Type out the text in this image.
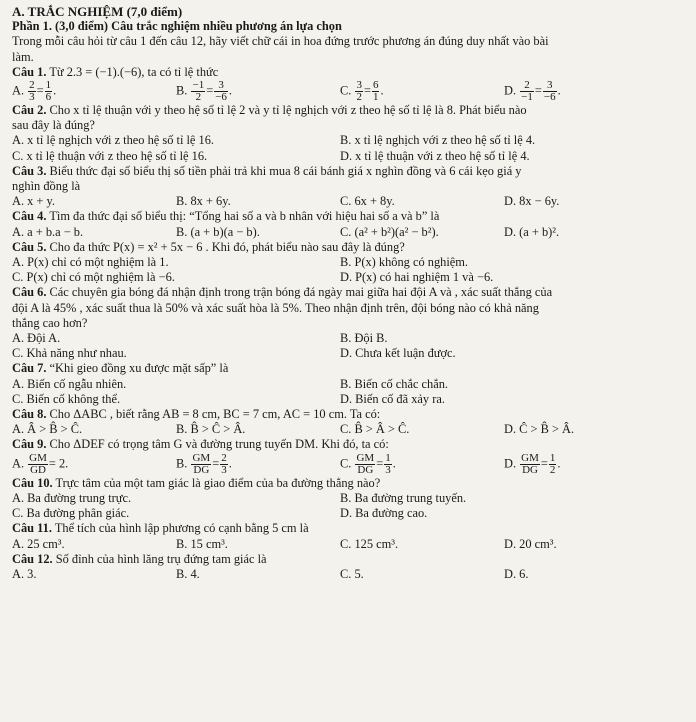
A. TRẮC NGHIỆM (7,0 điểm)
Phần 1. (3,0 điểm) Câu trắc nghiệm nhiều phương án lựa chọn
Trong mỗi câu hỏi từ câu 1 đến câu 12, hãy viết chữ cái in hoa đứng trước phương án đúng duy nhất vào bài
làm.
Câu 1. Từ 2.3 = (−1).(−6), ta có tỉ lệ thức
A. $\frac{2}{3} = \frac{1}{6}$ .	B. $\frac{-1}{2} = \frac{3}{-6}$ .	C. $\frac{3}{2} = \frac{6}{1}$ .	D. $\frac{2}{-1} = \frac{3}{-6}$ .
Câu 2. Cho x tỉ lệ thuận với y theo hệ số tỉ lệ 2 và y tỉ lệ nghịch với z theo hệ số tỉ lệ là 8. Phát biểu nào
sau đây là đúng?
A. x tỉ lệ nghịch với z theo hệ số tỉ lệ 16.	B. x tỉ lệ nghịch với z theo hệ số tỉ lệ 4.
C. x tỉ lệ thuận với z theo hệ số tỉ lệ 16.	D. x tỉ lệ thuận với z theo hệ số tỉ lệ 4.
Câu 3. Biểu thức đại số biểu thị số tiền phải trả khi mua 8 cái bánh giá x nghìn đồng và 6 cái kẹo giá y
nghìn đồng là
A. x + y.	B. 8x + 6y.	C. 6x + 8y.	D. 8x − 6y.
Câu 4. Tìm đa thức đại số biểu thị: “Tổng hai số a và b nhân với hiệu hai số a và b” là
A. a + b.a − b.	B. (a + b)(a − b).	C. (a² + b²)(a² − b²).	D. (a + b)².
Câu 5. Cho đa thức P(x) = x² + 5x − 6 . Khi đó, phát biểu nào sau đây là đúng?
A. P(x) chỉ có một nghiệm là 1.	B. P(x) không có nghiệm.
C. P(x) chỉ có một nghiệm là −6.	D. P(x) có hai nghiệm 1 và −6.
Câu 6. Các chuyên gia bóng đá nhận định trong trận bóng đá ngày mai giữa hai đội A và , xác suất thắng của
đội A là 45% , xác suất thua là 50% và xác suất hòa là 5%. Theo nhận định trên, đội bóng nào có khả năng
thắng cao hơn?
A. Đội A.	B. Đội B.
C. Khả năng như nhau.	D. Chưa kết luận được.
Câu 7. “Khi gieo đồng xu được mặt sấp” là
A. Biến cố ngẫu nhiên.	B. Biến cố chắc chắn.
C. Biến cố không thể.	D. Biến cố đã xảy ra.
Câu 8. Cho ΔABC , biết rằng AB = 8 cm, BC = 7 cm, AC = 10 cm. Ta có:
A. Â > B̂ > Ĉ.	B. B̂ > Ĉ > Â.	C. B̂ > Â > Ĉ.	D. Ĉ > B̂ > Â.
Câu 9. Cho ΔDEF có trọng tâm G và đường trung tuyến DM. Khi đó, ta có:
A. $\frac{GM}{GD} = 2$.	B. $\frac{GM}{DG} = \frac{2}{3}$ .	C. $\frac{GM}{DG} = \frac{1}{3}$ .	D. $\frac{GM}{DG} = \frac{1}{2}$ .
Câu 10. Trực tâm của một tam giác là giao điểm của ba đường thẳng nào?
A. Ba đường trung trực.	B. Ba đường trung tuyến.
C. Ba đường phân giác.	D. Ba đường cao.
Câu 11. Thể tích của hình lập phương có cạnh bằng 5 cm là
A. 25 cm³.	B. 15 cm³.	C. 125 cm³.	D. 20 cm³.
Câu 12. Số đỉnh của hình lăng trụ đứng tam giác là
A. 3.	B. 4.	C. 5.	D. 6.
